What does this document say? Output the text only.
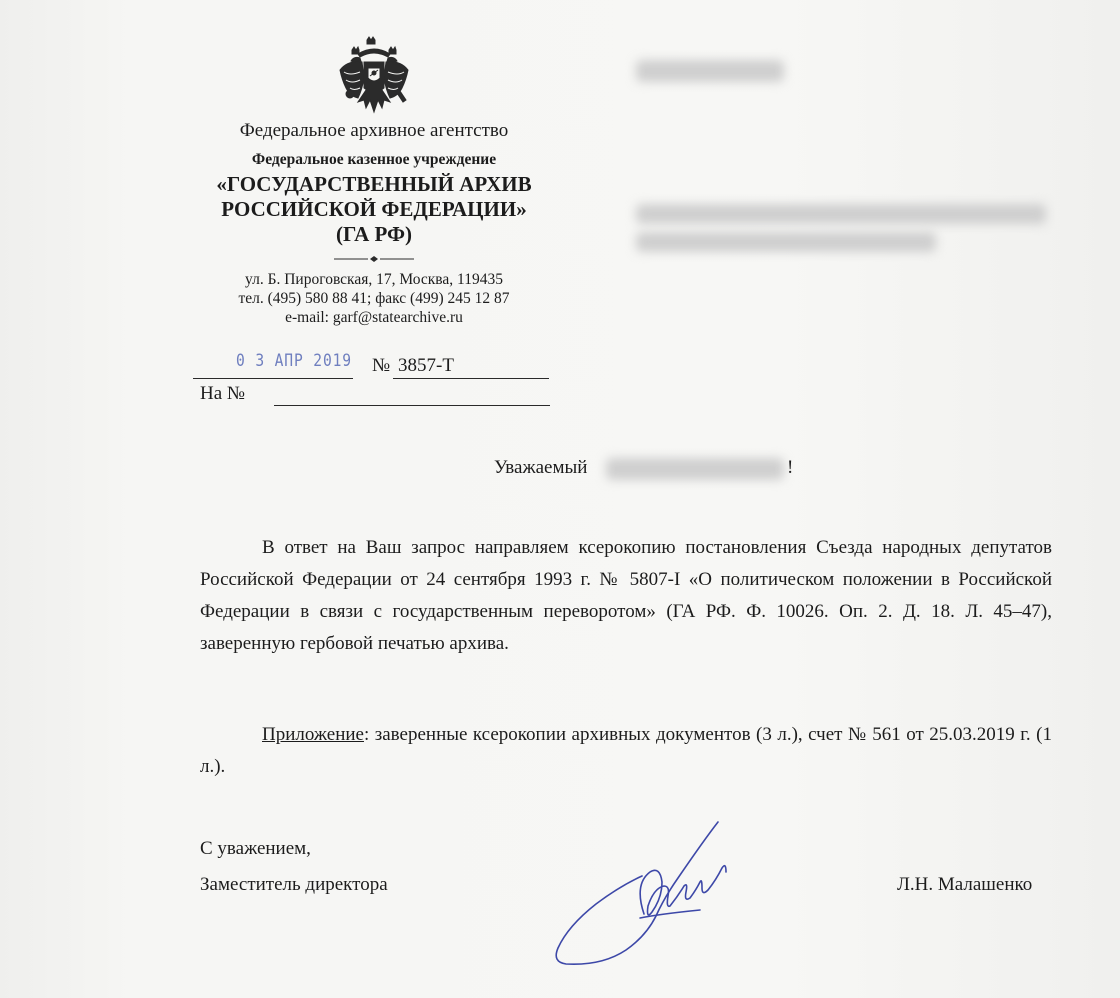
Федеральное архивное агентство
Федеральное казенное учреждение
«ГОСУДАРСТВЕННЫЙ АРХИВ
РОССИЙСКОЙ ФЕДЕРАЦИИ»
(ГА РФ)
ул. Б. Пироговская, 17, Москва, 119435
тел. (495) 580 88 41; факс (499) 245 12 87
e-mail: garf@statearchive.ru
0 3 АПР 2019 № 3857-Т
На №
Уважаемый	!
В ответ на Ваш запрос направляем ксерокопию постановления Съезда народных депутатов Российской Федерации от 24 сентября 1993 г. № 5807-I «О политическом положении в Российской Федерации в связи с государственным переворотом» (ГА РФ. Ф. 10026. Оп. 2. Д. 18. Л. 45–47), заверенную гербовой печатью архива.
Приложение: заверенные ксерокопии архивных документов (3 л.), счет № 561 от 25.03.2019 г. (1 л.).
С уважением,
Заместитель директора	Л.Н. Малашенко
